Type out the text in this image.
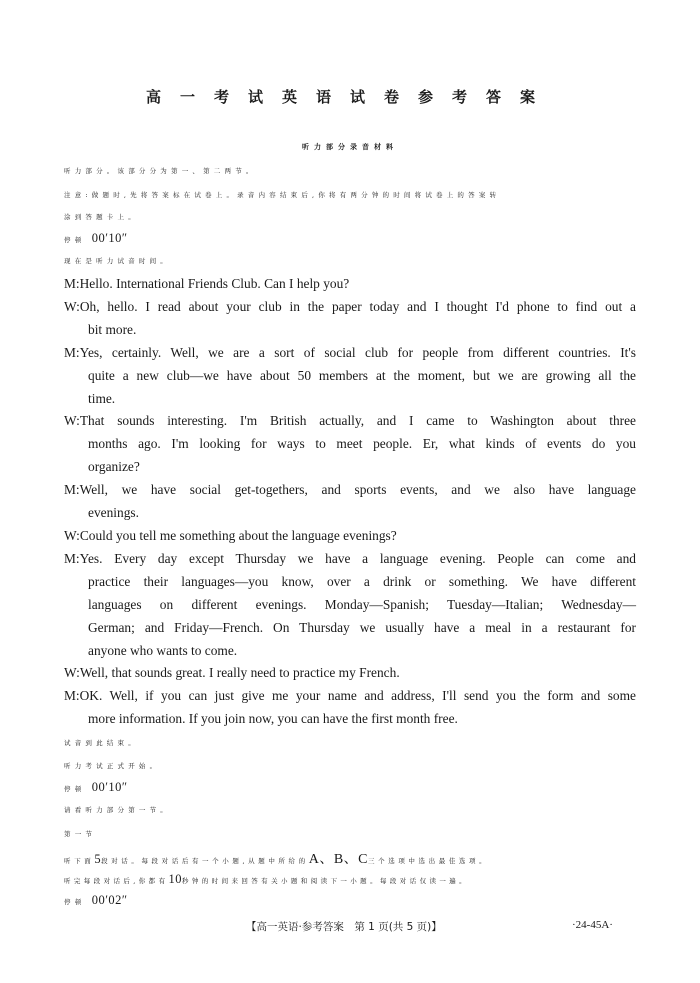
高一考试英语试卷参考答案
听力部分录音材料
听力部分。该部分分为第一、第二两节。
注意:做题时,先将答案标在试卷上。录音内容结束后,你将有两分钟的时间将试卷上的答案转
涂到答题卡上。
停顿 00′10″
现在是听力试音时间。
M:Hello. International Friends Club. Can I help you?
W:Oh, hello. I read about your club in the paper today and I thought I'd phone to find out a
bit more.
M:Yes, certainly. Well, we are a sort of social club for people from different countries. It's
quite a new club—we have about 50 members at the moment, but we are growing all the
time.
W:That sounds interesting. I'm British actually, and I came to Washington about three
months ago. I'm looking for ways to meet people. Er, what kinds of events do you
organize?
M:Well, we have social get-togethers, and sports events, and we also have language
evenings.
W:Could you tell me something about the language evenings?
M:Yes. Every day except Thursday we have a language evening. People can come and
practice their languages—you know, over a drink or something. We have different
languages on different evenings. Monday—Spanish; Tuesday—Italian; Wednesday—
German; and Friday—French. On Thursday we usually have a meal in a restaurant for
anyone who wants to come.
W:Well, that sounds great. I really need to practice my French.
M:OK. Well, if you can just give me your name and address, I'll send you the form and some
more information. If you join now, you can have the first month free.
试音到此结束。
听力考试正式开始。
停顿 00′10″
请看听力部分第一节。
第一节
听下面5段对话。每段对话后有一个小题,从题中所给的A、B、C三个选项中选出最佳选项。
听完每段对话后,你都有10秒钟的时间来回答有关小题和阅读下一小题。每段对话仅读一遍。
停顿 00′02″
【高一英语·参考答案　第 1 页(共 5 页)】	·24-45A·
